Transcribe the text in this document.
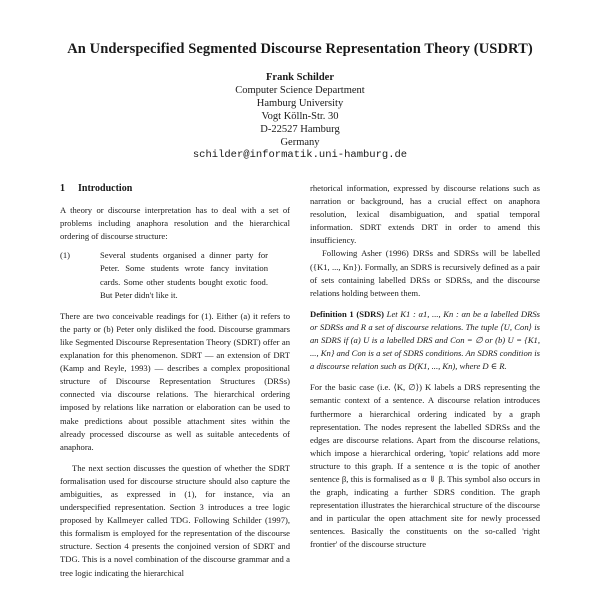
An Underspecified Segmented Discourse Representation Theory (USDRT)
Frank Schilder
Computer Science Department
Hamburg University
Vogt Kölln-Str. 30
D-22527 Hamburg
Germany
schilder@informatik.uni-hamburg.de
1 Introduction

A theory or discourse interpretation has to deal with a set of problems including anaphora resolution and the hierarchical ordering of discourse structure:

(1)	Several students organised a dinner party for Peter. Some students wrote fancy invitation cards. Some other students bought exotic food. But Peter didn't like it.

There are two conceivable readings for (1). Either (a) it refers to the party or (b) Peter only disliked the food. Discourse grammars like Segmented Discourse Representation Theory (SDRT) offer an explanation for this phenomenon. SDRT — an extension of DRT (Kamp and Reyle, 1993) — describes a complex propositional structure of Discourse Representation Structures (DRSs) connected via discourse relations. The hierarchical ordering imposed by relations like narration or elaboration can be used to make predictions about possible attachment sites within the already processed discourse as well as suitable antecedents of anaphora.

The next section discusses the question of whether the SDRT formalisation used for discourse structure should also capture the ambiguities, as expressed in (1), for instance, via an underspecified representation. Section 3 introduces a tree logic proposed by Kallmeyer called TDG. Following Schilder (1997), this formalism is employed for the representation of the discourse structure. Section 4 presents the conjoined version of SDRT and TDG. This is a novel combination of the discourse grammar and a tree logic indicating the hierarchical

rhetorical information, expressed by discourse relations such as narration or background, has a crucial effect on anaphora resolution, lexical disambiguation, and spatial temporal information. SDRT extends DRT in order to amend this insufficiency.

Following Asher (1996) DRSs and SDRSs will be labelled ({K1, ..., Kn}). Formally, an SDRS is recursively defined as a pair of sets containing labelled DRSs or SDRSs, and the discourse relations holding between them.

Definition 1 (SDRS) Let K1 : α1, ..., Kn : αn be a labelled DRSs or SDRSs and R a set of discourse relations. The tuple ⟨U, Con⟩ is an SDRS if (a) U is a labelled DRS and Con = ∅ or (b) U = {K1, ..., Kn} and Con is a set of SDRS conditions. An SDRS condition is a discourse relation such as D(K1, ..., Kn), where D ∈ R.

For the basic case (i.e. ⟨K, ∅⟩) K labels a DRS representing the semantic context of a sentence. A discourse relation introduces furthermore a hierarchical ordering indicated by a graph representation. The nodes represent the labelled SDRSs and the edges are discourse relations. Apart from the discourse relations, which impose a hierarchical ordering, 'topic' relations add more structure to this graph. If a sentence α is the topic of another sentence β, this is formalised as α ⇓ β. This symbol also occurs in the graph, indicating a further SDRS condition. The graph representation illustrates the hierarchical structure of the discourse and in particular the open attachment site for newly processed sentences. Basically the constituents on the so-called 'right frontier' of the discourse structure
